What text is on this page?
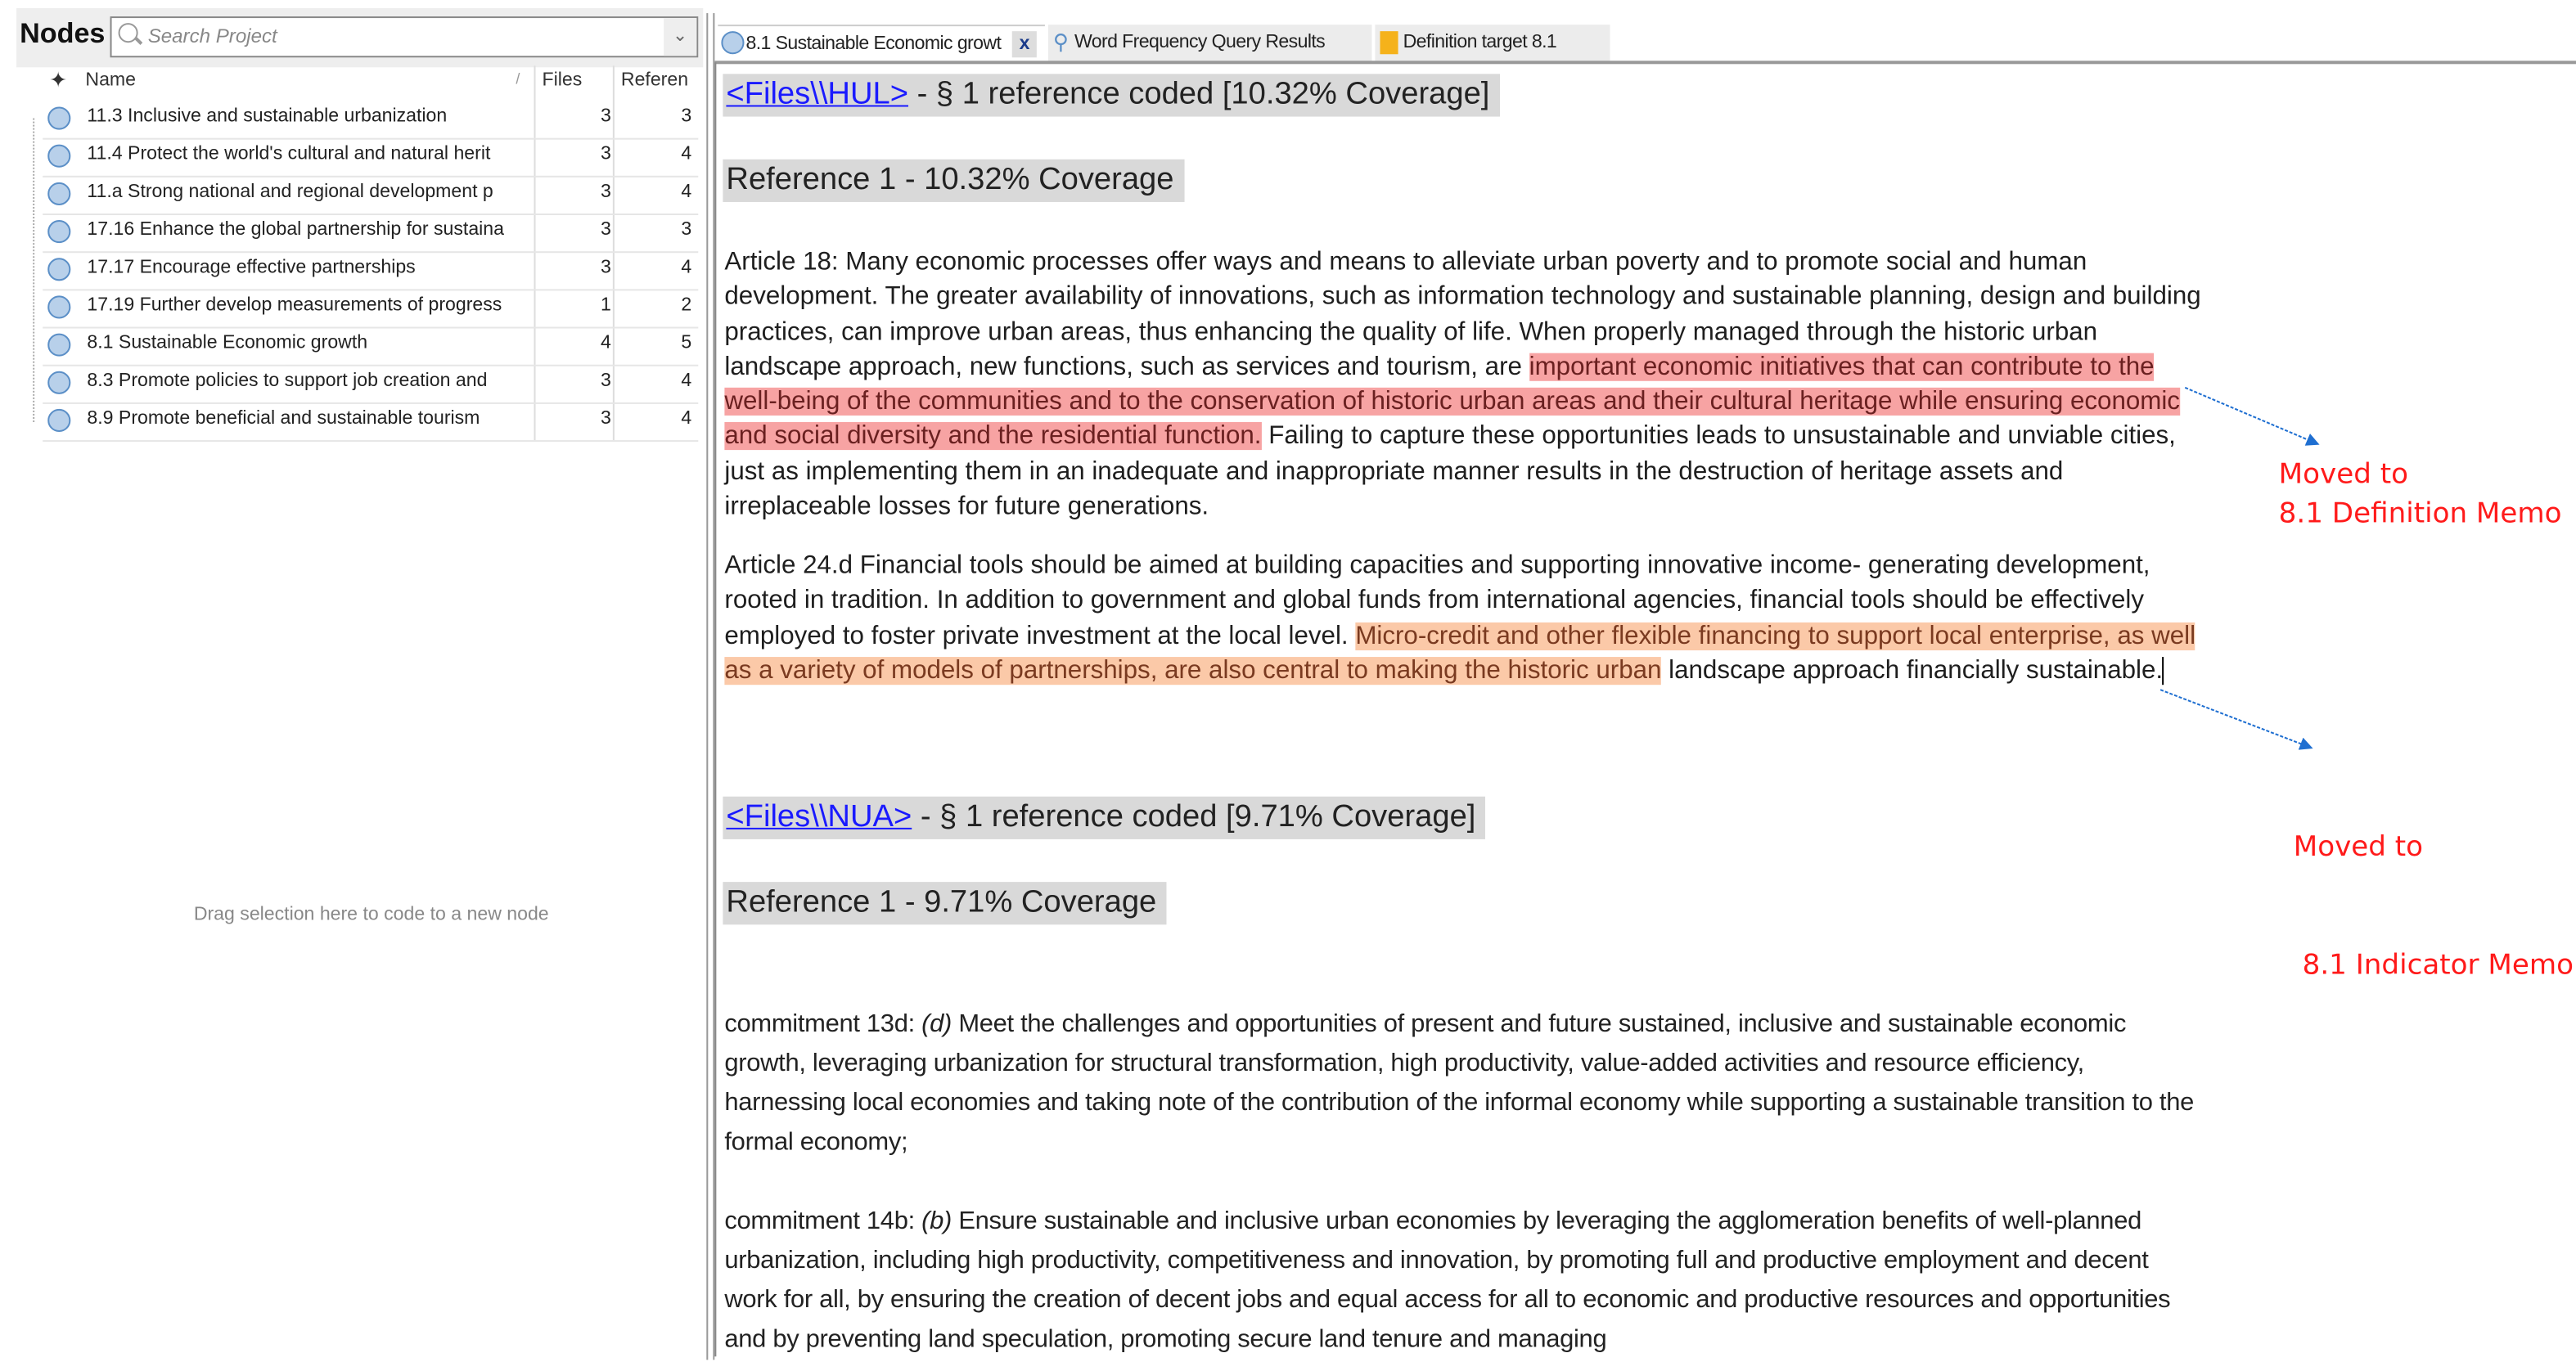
Nodes	Search Project	⌄
✦ Name	/ Files	Referen
11.3 Inclusive and sustainable urbanization	3	3
11.4 Protect the world's cultural and natural herit	3	4
11.a Strong national and regional development p	3	4
17.16 Enhance the global partnership for sustaina	3	3
17.17 Encourage effective partnerships	3	4
17.19 Further develop measurements of progress	1	2
8.1 Sustainable Economic growth	4	5
8.3 Promote policies to support job creation and	3	4
8.9 Promote beneficial and sustainable tourism	3	4
Drag selection here to code to a new node
8.1 Sustainable Economic growt	x	⚲ Word Frequency Query Results	Definition target 8.1
<Files\\HUL> - § 1 reference coded [10.32% Coverage]
Reference 1 - 10.32% Coverage
Article 18: Many economic processes offer ways and means to alleviate urban poverty and to promote social and human development. The greater availability of innovations, such as information technology and sustainable planning, design and building practices, can improve urban areas, thus enhancing the quality of life. When properly managed through the historic urban landscape approach, new functions, such as services and tourism, are important economic initiatives that can contribute to the well-being of the communities and to the conservation of historic urban areas and their cultural heritage while ensuring economic and social diversity and the residential function. Failing to capture these opportunities leads to unsustainable and unviable cities, just as implementing them in an inadequate and inappropriate manner results in the destruction of heritage assets and irreplaceable losses for future generations.
Article 24.d Financial tools should be aimed at building capacities and supporting innovative income- generating development, rooted in tradition. In addition to government and global funds from international agencies, financial tools should be effectively employed to foster private investment at the local level. Micro-credit and other flexible financing to support local enterprise, as well as a variety of models of partnerships, are also central to making the historic urban landscape approach financially sustainable.
<Files\\NUA> - § 1 reference coded [9.71% Coverage]
Reference 1 - 9.71% Coverage
commitment 13d: (d) Meet the challenges and opportunities of present and future sustained, inclusive and sustainable economic growth, leveraging urbanization for structural transformation, high productivity, value-added activities and resource efficiency, harnessing local economies and taking note of the contribution of the informal economy while supporting a sustainable transition to the formal economy;
commitment 14b: (b) Ensure sustainable and inclusive urban economies by leveraging the agglomeration benefits of well-planned urbanization, including high productivity, competitiveness and innovation, by promoting full and productive employment and decent work for all, by ensuring the creation of decent jobs and equal access for all to economic and productive resources and opportunities and by preventing land speculation, promoting secure land tenure and managing
Moved to
8.1 Definition Memo

Moved to

8.1 Indicator Memo
